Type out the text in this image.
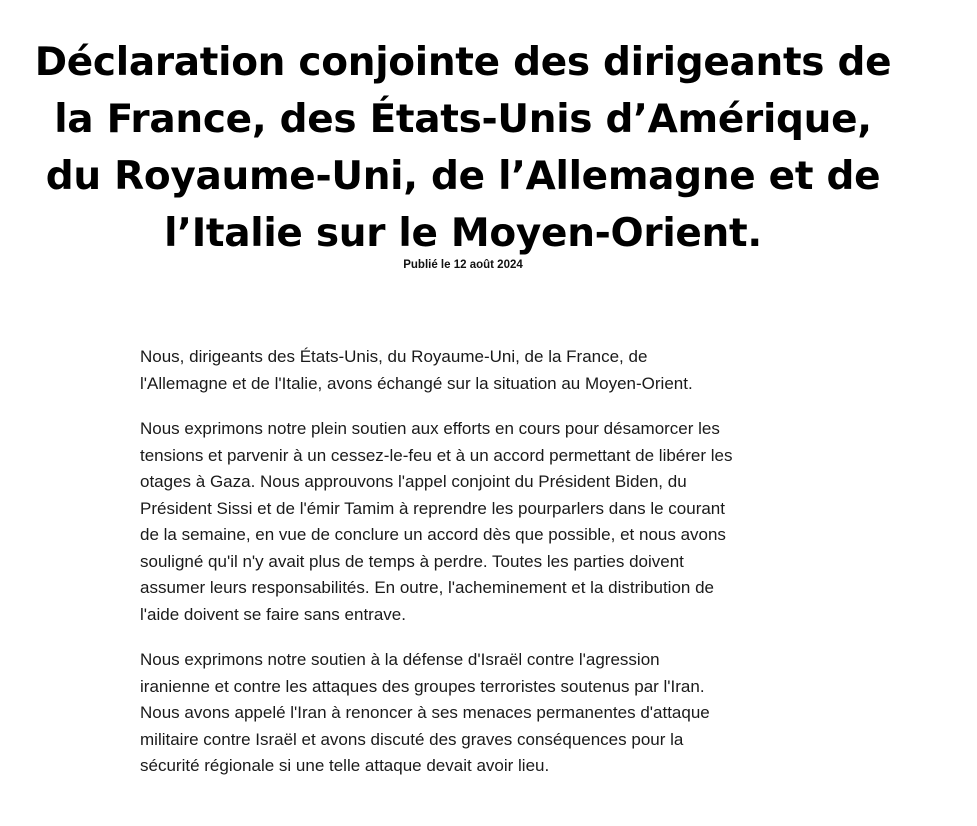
Déclaration conjointe des dirigeants de
la France, des États-Unis d’Amérique,
du Royaume-Uni, de l’Allemagne et de
l’Italie sur le Moyen-Orient.
Publié le 12 août 2024

Nous, dirigeants des États-Unis, du Royaume-Uni, de la France, de
l'Allemagne et de l'Italie, avons échangé sur la situation au Moyen-Orient.

Nous exprimons notre plein soutien aux efforts en cours pour désamorcer les
tensions et parvenir à un cessez-le-feu et à un accord permettant de libérer les
otages à Gaza. Nous approuvons l'appel conjoint du Président Biden, du
Président Sissi et de l'émir Tamim à reprendre les pourparlers dans le courant
de la semaine, en vue de conclure un accord dès que possible, et nous avons
souligné qu'il n'y avait plus de temps à perdre. Toutes les parties doivent
assumer leurs responsabilités. En outre, l'acheminement et la distribution de
l'aide doivent se faire sans entrave.

Nous exprimons notre soutien à la défense d'Israël contre l'agression
iranienne et contre les attaques des groupes terroristes soutenus par l'Iran.
Nous avons appelé l'Iran à renoncer à ses menaces permanentes d'attaque
militaire contre Israël et avons discuté des graves conséquences pour la
sécurité régionale si une telle attaque devait avoir lieu.
